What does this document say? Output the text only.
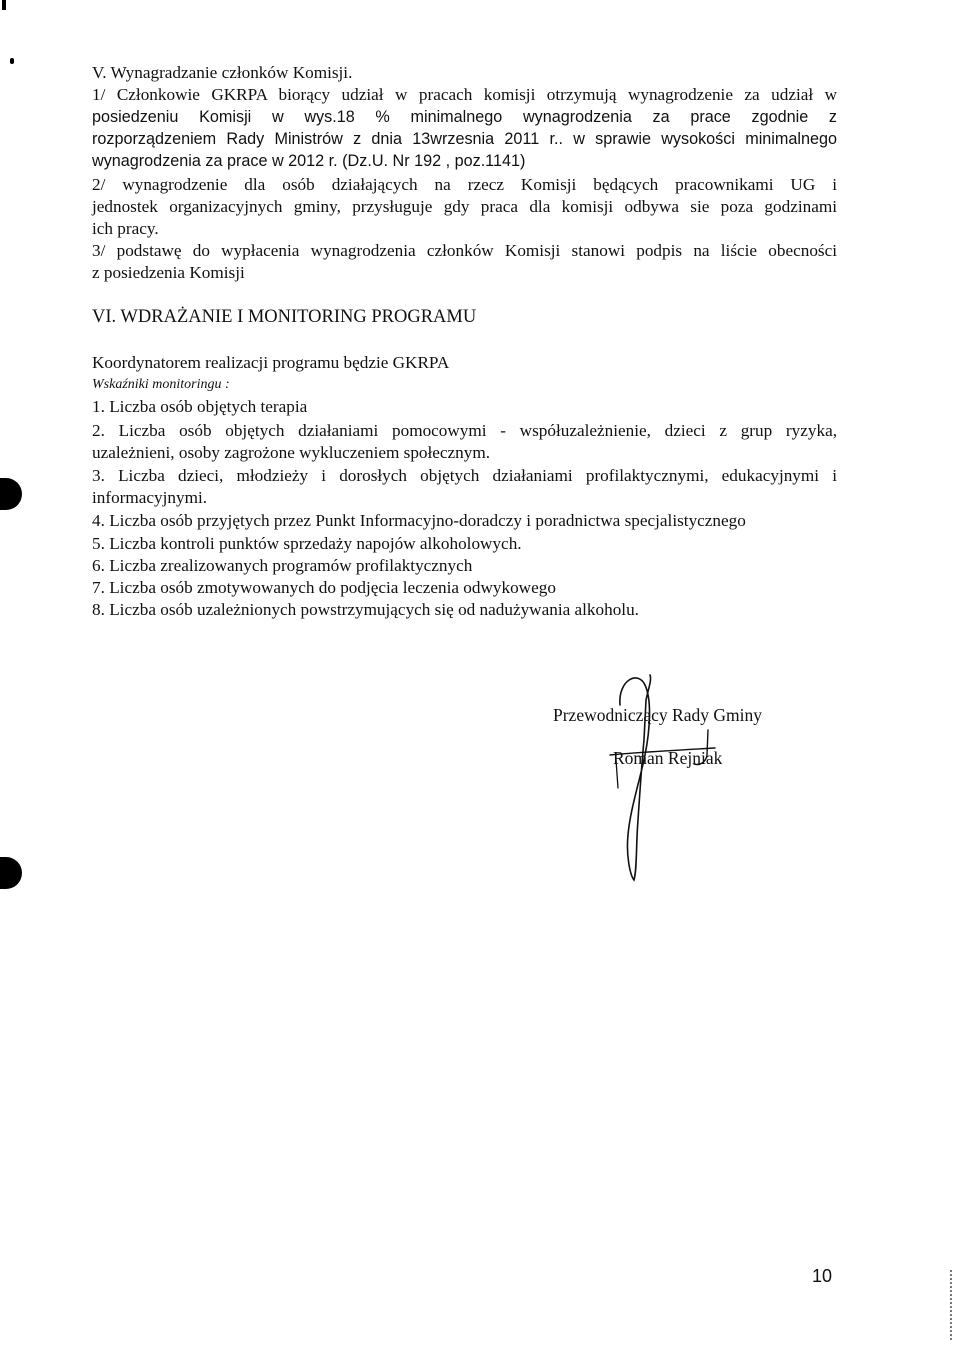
V. Wynagradzanie członków Komisji.
1/ Członkowie GKRPA biorący udział w pracach komisji otrzymują wynagrodzenie za udział w
posiedzeniu Komisji w wys.18 % minimalnego wynagrodzenia za prace zgodnie z
rozporządzeniem Rady Ministrów z dnia 13wrzesnia 2011 r.. w sprawie wysokości minimalnego
wynagrodzenia za prace w 2012 r. (Dz.U. Nr 192 , poz.1141)
2/ wynagrodzenie dla osób działających na rzecz Komisji będących pracownikami UG i
jednostek organizacyjnych gminy, przysługuje gdy praca dla komisji odbywa sie poza godzinami
ich pracy.
3/ podstawę do wypłacenia wynagrodzenia członków Komisji stanowi podpis na liście obecności
z posiedzenia Komisji
VI. WDRAŻANIE I MONITORING PROGRAMU
Koordynatorem realizacji programu będzie GKRPA
Wskaźniki monitoringu :
1. Liczba osób objętych terapia
2. Liczba osób objętych działaniami pomocowymi - współuzależnienie, dzieci z grup ryzyka,
uzależnieni, osoby zagrożone wykluczeniem społecznym.
3. Liczba dzieci, młodzieży i dorosłych objętych działaniami profilaktycznymi, edukacyjnymi i
informacyjnymi.
4. Liczba osób przyjętych przez Punkt Informacyjno-doradczy i poradnictwa specjalistycznego
5. Liczba kontroli punktów sprzedaży napojów alkoholowych.
6. Liczba zrealizowanych programów profilaktycznych
7. Liczba osób zmotywowanych do podjęcia leczenia odwykowego
8. Liczba osób uzależnionych powstrzymujących się od nadużywania alkoholu.
Przewodniczący Rady Gminy
Roman Rejniak
10
